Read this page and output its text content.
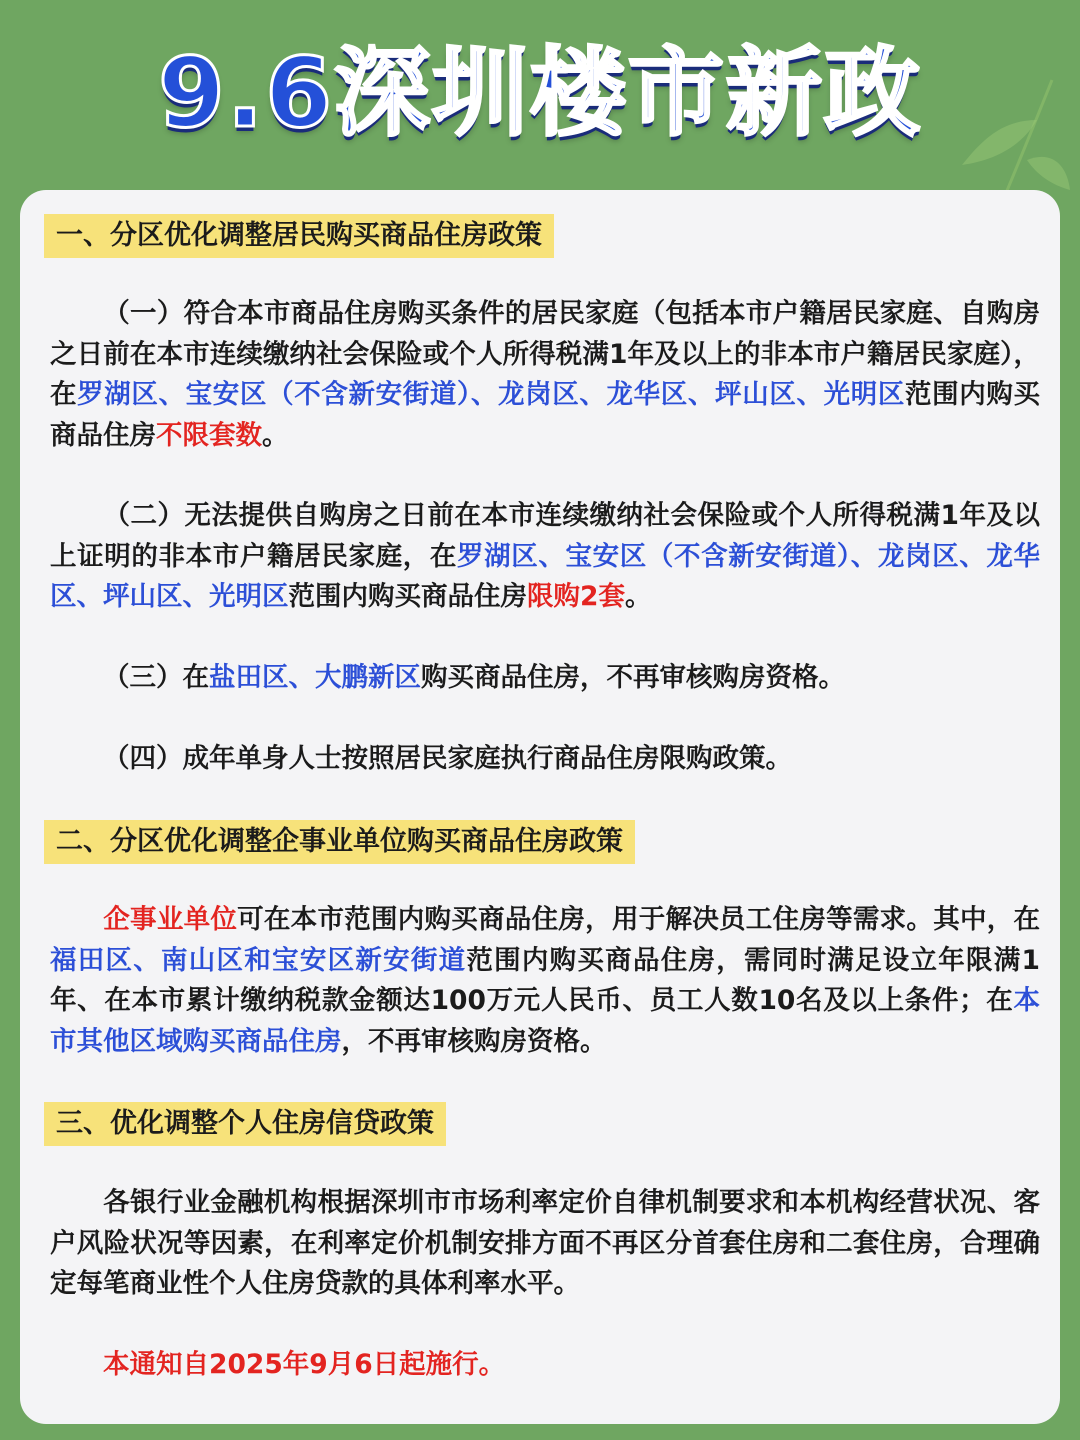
9.6深圳楼市新政
一、分区优化调整居民购买商品住房政策
（一）符合本市商品住房购买条件的居民家庭（包括本市户籍居民家庭、自购房之日前在本市连续缴纳社会保险或个人所得税满1年及以上的非本市户籍居民家庭），在罗湖区、宝安区（不含新安街道）、龙岗区、龙华区、坪山区、光明区范围内购买商品住房不限套数。
（二）无法提供自购房之日前在本市连续缴纳社会保险或个人所得税满1年及以上证明的非本市户籍居民家庭，在罗湖区、宝安区（不含新安街道）、龙岗区、龙华区、坪山区、光明区范围内购买商品住房限购2套。
（三）在盐田区、大鹏新区购买商品住房，不再审核购房资格。
（四）成年单身人士按照居民家庭执行商品住房限购政策。
二、分区优化调整企事业单位购买商品住房政策
企事业单位可在本市范围内购买商品住房，用于解决员工住房等需求。其中，在福田区、南山区和宝安区新安街道范围内购买商品住房，需同时满足设立年限满1年、在本市累计缴纳税款金额达100万元人民币、员工人数10名及以上条件；在本市其他区域购买商品住房，不再审核购房资格。
三、优化调整个人住房信贷政策
各银行业金融机构根据深圳市市场利率定价自律机制要求和本机构经营状况、客户风险状况等因素，在利率定价机制安排方面不再区分首套住房和二套住房，合理确定每笔商业性个人住房贷款的具体利率水平。
本通知自2025年9月6日起施行。
